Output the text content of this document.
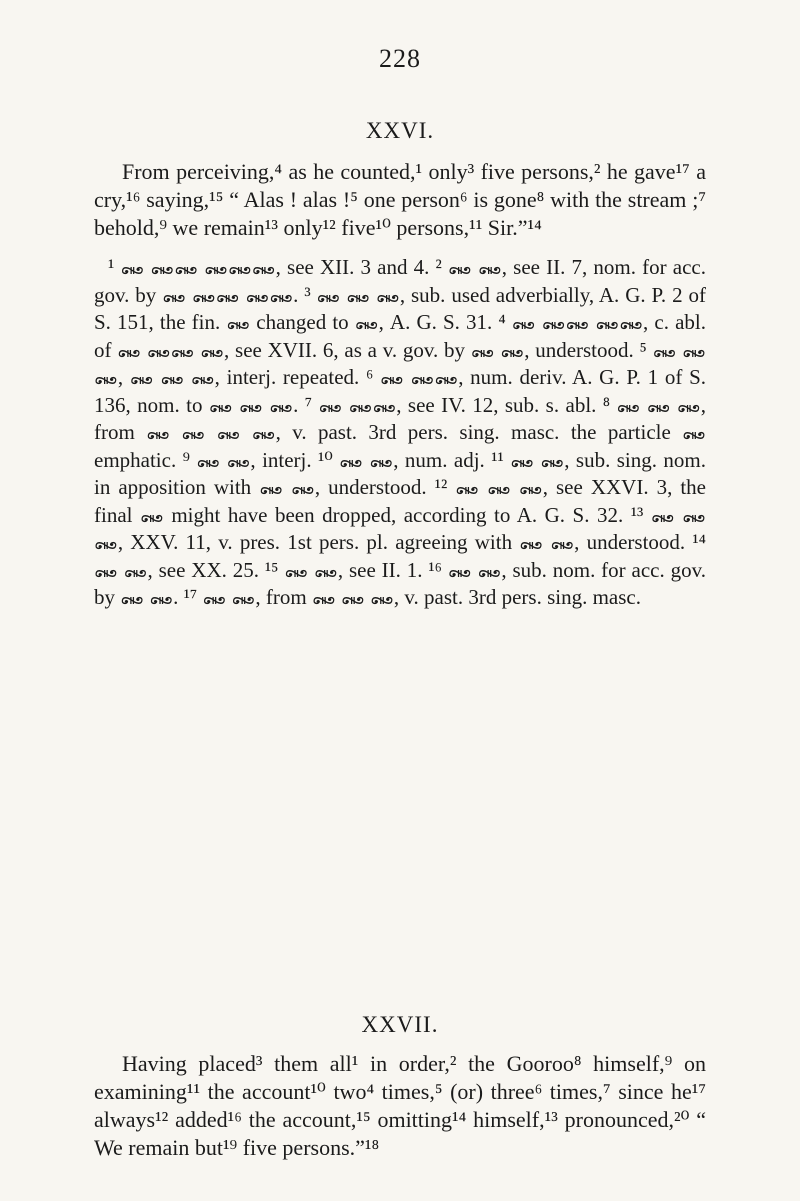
228
XXVI.

From perceiving,⁴ as he counted,¹ only³ five persons,² he gave¹⁷ a cry,¹⁶ saying,¹⁵ “ Alas ! alas !⁵ one person⁶ is gone⁸ with the stream ;⁷ behold,⁹ we remain¹³ only¹² five¹⁰ persons,¹¹ Sir.”¹⁴

¹ ꘏ ꘏꘏ ꘏꘏꘏, see XII. 3 and 4. ² ꘏ ꘏, see II. 7, nom. for acc. gov. by ꘏ ꘏꘏ ꘏꘏. ³ ꘏ ꘏ ꘏, sub. used adverbially, A. G. P. 2 of S. 151, the fin. ꘏ changed to ꘏, A. G. S. 31. ⁴ ꘏ ꘏꘏ ꘏꘏, c. abl. of ꘏ ꘏꘏ ꘏, see XVII. 6, as a v. gov. by ꘏ ꘏, understood. ⁵ ꘏ ꘏ ꘏, ꘏ ꘏ ꘏, interj. repeated. ⁶ ꘏ ꘏꘏, num. deriv. A. G. P. 1 of S. 136, nom. to ꘏ ꘏ ꘏. ⁷ ꘏ ꘏꘏, see IV. 12, sub. s. abl. ⁸ ꘏ ꘏ ꘏, from ꘏ ꘏ ꘏ ꘏, v. past. 3rd pers. sing. masc. the particle ꘏ emphatic. ⁹ ꘏ ꘏, interj. ¹⁰ ꘏ ꘏, num. adj. ¹¹ ꘏ ꘏, sub. sing. nom. in apposition with ꘏ ꘏, understood. ¹² ꘏ ꘏ ꘏, see XXVI. 3, the final ꘏ might have been dropped, according to A. G. S. 32. ¹³ ꘏ ꘏ ꘏, XXV. 11, v. pres. 1st pers. pl. agreeing with ꘏ ꘏, understood. ¹⁴ ꘏ ꘏, see XX. 25. ¹⁵ ꘏ ꘏, see II. 1. ¹⁶ ꘏ ꘏, sub. nom. for acc. gov. by ꘏ ꘏. ¹⁷ ꘏ ꘏, from ꘏ ꘏ ꘏, v. past. 3rd pers. sing. masc.

XXVII.

Having placed³ them all¹ in order,² the Gooroo⁸ himself,⁹ on examining¹¹ the account¹⁰ two⁴ times,⁵ (or) three⁶ times,⁷ since he¹⁷ always¹² added¹⁶ the account,¹⁵ omitting¹⁴ himself,¹³ pronounced,²⁰ “ We remain but¹⁹ five persons.”¹⁸
